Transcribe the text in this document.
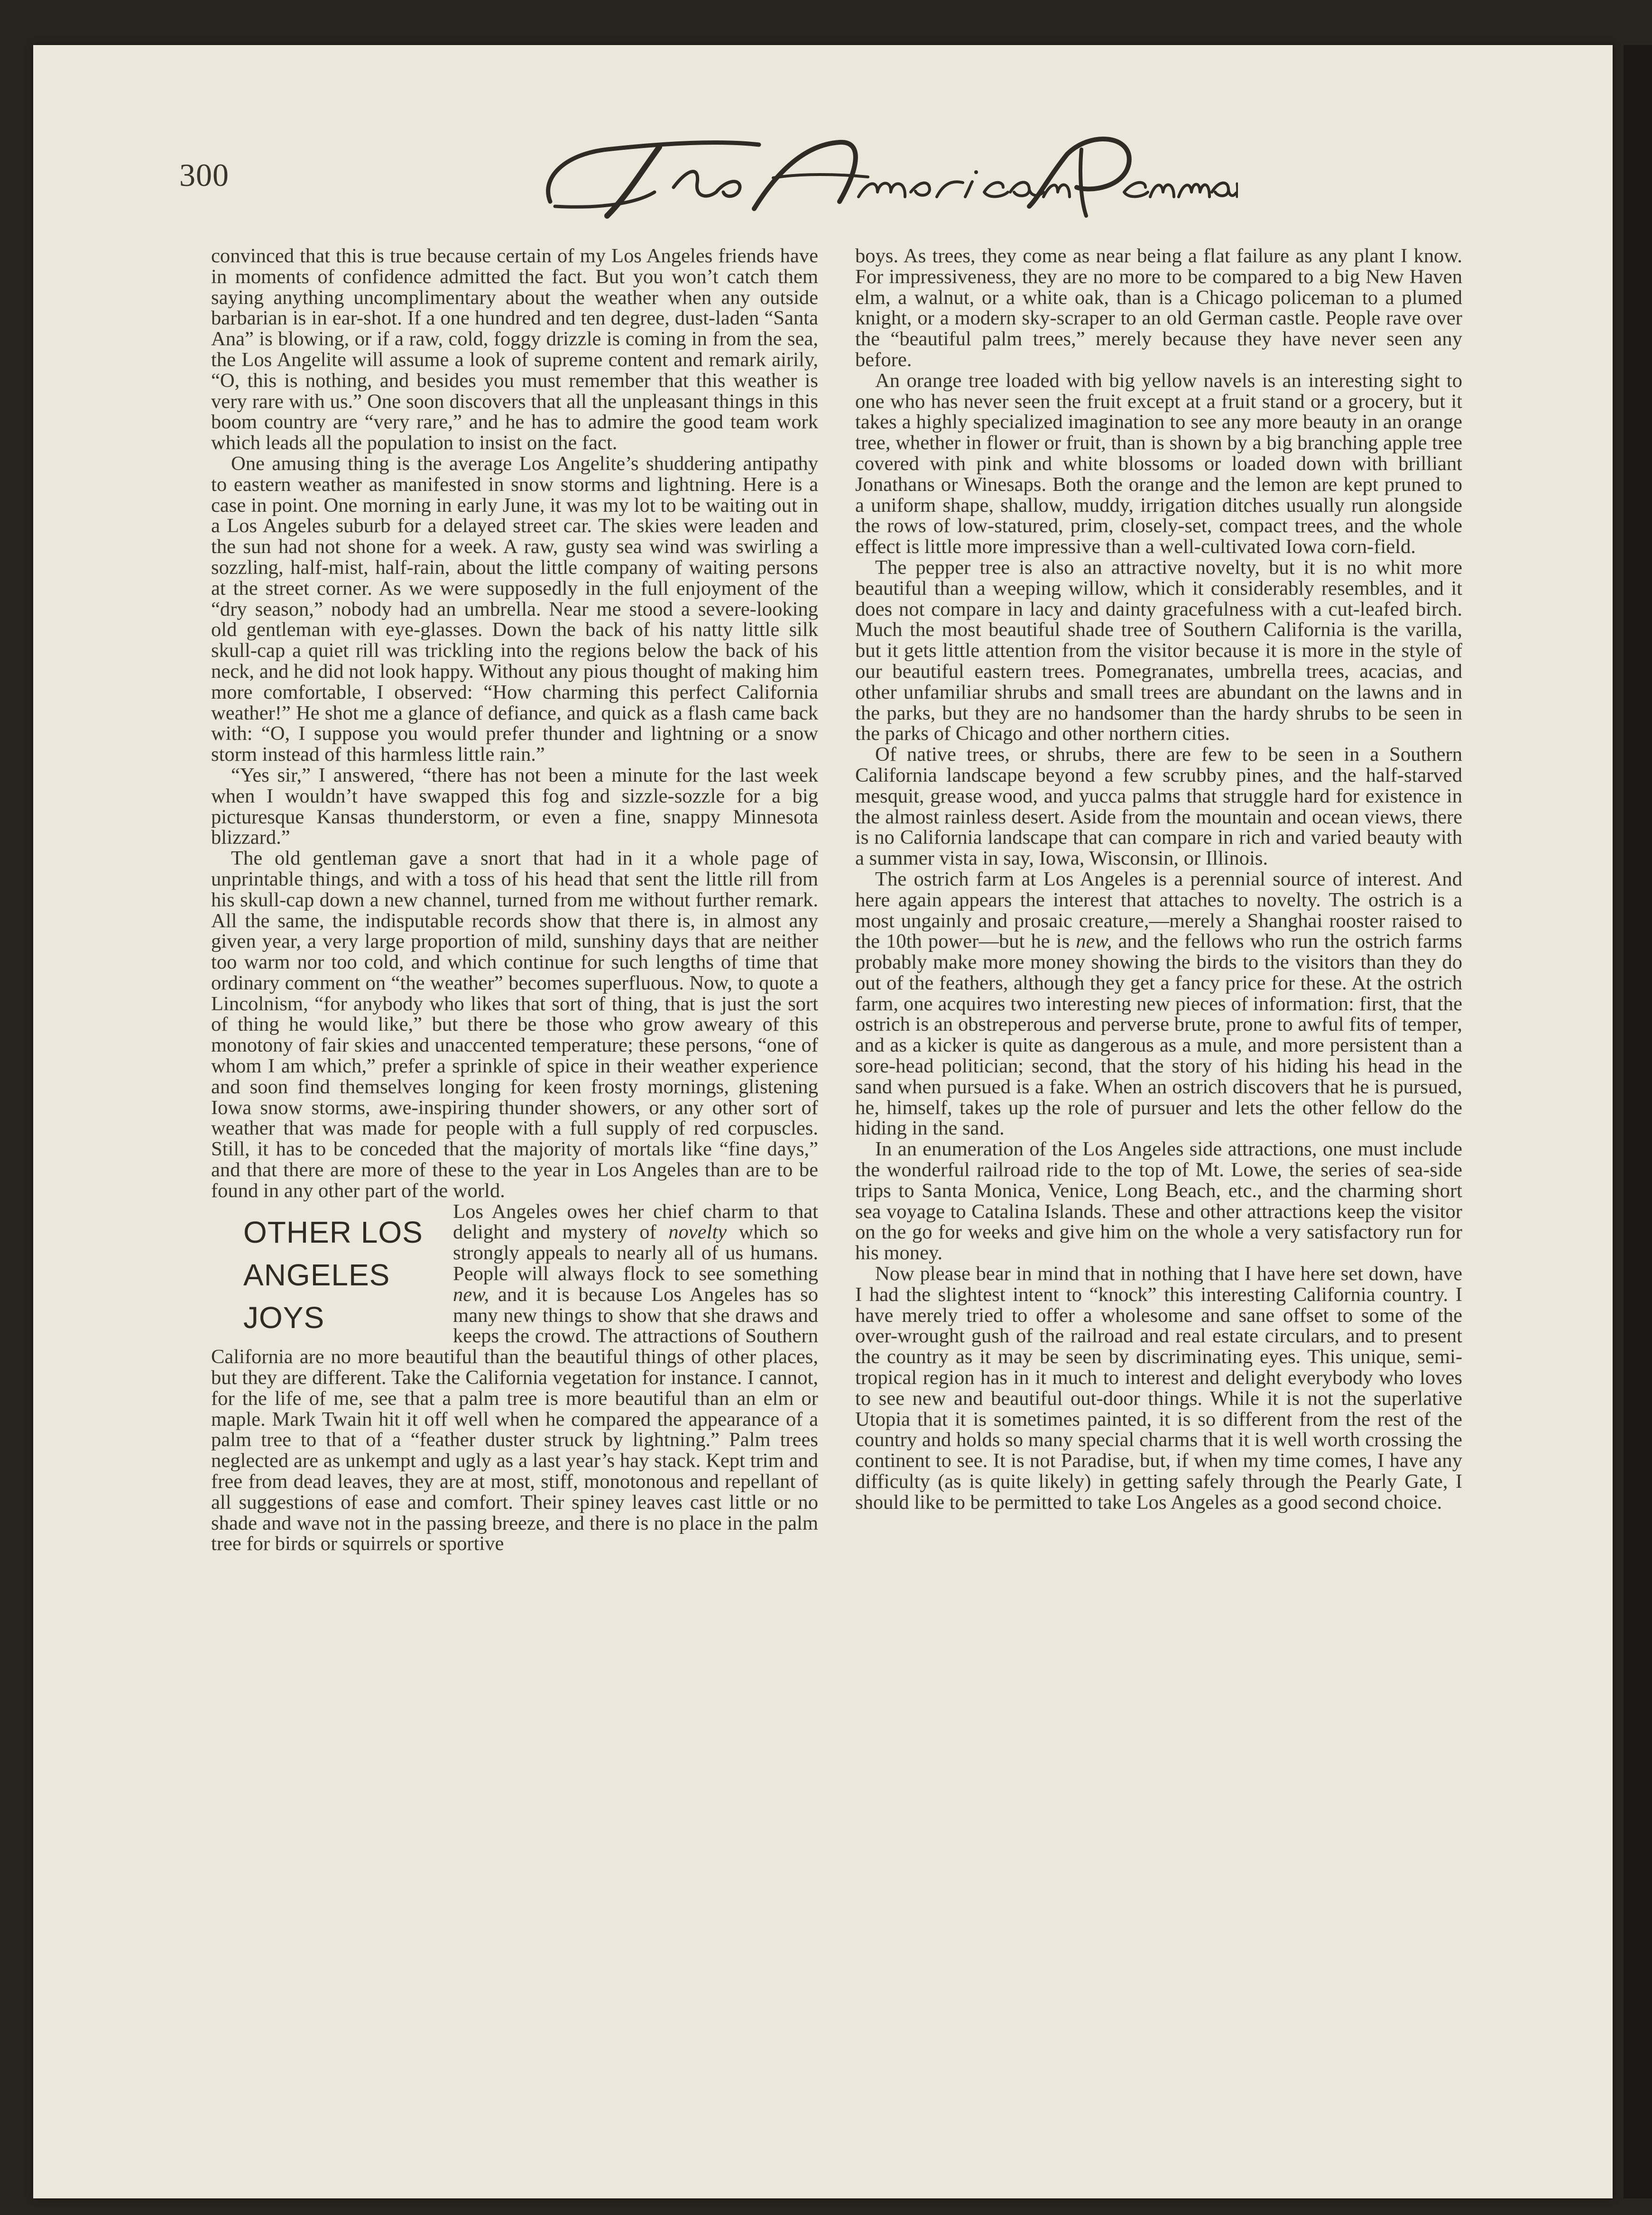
300

convinced that this is true because certain of my Los Angeles friends have in moments of confidence admitted the fact. But you won’t catch them saying anything uncomplimentary about the weather when any outside barbarian is in ear-shot. If a one hundred and ten degree, dust-laden “Santa Ana” is blowing, or if a raw, cold, foggy drizzle is coming in from the sea, the Los Angelite will assume a look of supreme content and remark airily, “O, this is nothing, and besides you must remember that this weather is very rare with us.” One soon discovers that all the unpleasant things in this boom country are “very rare,” and he has to admire the good team work which leads all the population to insist on the fact.

One amusing thing is the average Los Angelite’s shuddering antipathy to eastern weather as manifested in snow storms and lightning. Here is a case in point. One morning in early June, it was my lot to be waiting out in a Los Angeles suburb for a delayed street car. The skies were leaden and the sun had not shone for a week. A raw, gusty sea wind was swirling a sozzling, half-mist, half-rain, about the little company of waiting persons at the street corner. As we were supposedly in the full enjoyment of the “dry season,” nobody had an umbrella. Near me stood a severe-looking old gentleman with eye-glasses. Down the back of his natty little silk skull-cap a quiet rill was trickling into the regions below the back of his neck, and he did not look happy. Without any pious thought of making him more comfortable, I observed: “How charming this perfect California weather!” He shot me a glance of defiance, and quick as a flash came back with: “O, I suppose you would prefer thunder and lightning or a snow storm instead of this harmless little rain.”

“Yes sir,” I answered, “there has not been a minute for the last week when I wouldn’t have swapped this fog and sizzle-sozzle for a big picturesque Kansas thunderstorm, or even a fine, snappy Minnesota blizzard.”

The old gentleman gave a snort that had in it a whole page of unprintable things, and with a toss of his head that sent the little rill from his skull-cap down a new channel, turned from me without further remark. All the same, the indisputable records show that there is, in almost any given year, a very large proportion of mild, sunshiny days that are neither too warm nor too cold, and which continue for such lengths of time that ordinary comment on “the weather” becomes superfluous. Now, to quote a Lincolnism, “for anybody who likes that sort of thing, that is just the sort of thing he would like,” but there be those who grow aweary of this monotony of fair skies and unaccented temperature; these persons, “one of whom I am which,” prefer a sprinkle of spice in their weather experience and soon find themselves longing for keen frosty mornings, glistening Iowa snow storms, awe-inspiring thunder showers, or any other sort of weather that was made for people with a full supply of red corpuscles. Still, it has to be conceded that the majority of mortals like “fine days,” and that there are more of these to the year in Los Angeles than are to be found in any other part of the world.

OTHER LOS
ANGELES JOYS

Los Angeles owes her chief charm to that delight and mystery of novelty which so strongly appeals to nearly all of us humans. People will always flock to see something new, and it is because Los Angeles has so many new things to show that she draws and keeps the crowd. The attractions of Southern California are no more beautiful than the beautiful things of other places, but they are different. Take the California vegetation for instance. I cannot, for the life of me, see that a palm tree is more beautiful than an elm or maple. Mark Twain hit it off well when he compared the appearance of a palm tree to that of a “feather duster struck by lightning.” Palm trees neglected are as unkempt and ugly as a last year’s hay stack. Kept trim and free from dead leaves, they are at most, stiff, monotonous and repellant of all suggestions of ease and comfort. Their spiney leaves cast little or no shade and wave not in the passing breeze, and there is no place in the palm tree for birds or squirrels or sportive

boys. As trees, they come as near being a flat failure as any plant I know. For impressiveness, they are no more to be compared to a big New Haven elm, a walnut, or a white oak, than is a Chicago policeman to a plumed knight, or a modern sky-scraper to an old German castle. People rave over the “beautiful palm trees,” merely because they have never seen any before.

An orange tree loaded with big yellow navels is an interesting sight to one who has never seen the fruit except at a fruit stand or a grocery, but it takes a highly specialized imagination to see any more beauty in an orange tree, whether in flower or fruit, than is shown by a big branching apple tree covered with pink and white blossoms or loaded down with brilliant Jonathans or Winesaps. Both the orange and the lemon are kept pruned to a uniform shape, shallow, muddy, irrigation ditches usually run alongside the rows of low-statured, prim, closely-set, compact trees, and the whole effect is little more impressive than a well-cultivated Iowa corn-field.

The pepper tree is also an attractive novelty, but it is no whit more beautiful than a weeping willow, which it considerably resembles, and it does not compare in lacy and dainty gracefulness with a cut-leafed birch. Much the most beautiful shade tree of Southern California is the varilla, but it gets little attention from the visitor because it is more in the style of our beautiful eastern trees. Pomegranates, umbrella trees, acacias, and other unfamiliar shrubs and small trees are abundant on the lawns and in the parks, but they are no handsomer than the hardy shrubs to be seen in the parks of Chicago and other northern cities.

Of native trees, or shrubs, there are few to be seen in a Southern California landscape beyond a few scrubby pines, and the half-starved mesquit, grease wood, and yucca palms that struggle hard for existence in the almost rainless desert. Aside from the mountain and ocean views, there is no California landscape that can compare in rich and varied beauty with a summer vista in say, Iowa, Wisconsin, or Illinois.

The ostrich farm at Los Angeles is a perennial source of interest. And here again appears the interest that attaches to novelty. The ostrich is a most ungainly and prosaic creature,—merely a Shanghai rooster raised to the 10th power—but he is new, and the fellows who run the ostrich farms probably make more money showing the birds to the visitors than they do out of the feathers, although they get a fancy price for these. At the ostrich farm, one acquires two interesting new pieces of information: first, that the ostrich is an obstreperous and perverse brute, prone to awful fits of temper, and as a kicker is quite as dangerous as a mule, and more persistent than a sore-head politician; second, that the story of his hiding his head in the sand when pursued is a fake. When an ostrich discovers that he is pursued, he, himself, takes up the role of pursuer and lets the other fellow do the hiding in the sand.

In an enumeration of the Los Angeles side attractions, one must include the wonderful railroad ride to the top of Mt. Lowe, the series of sea-side trips to Santa Monica, Venice, Long Beach, etc., and the charming short sea voyage to Catalina Islands. These and other attractions keep the visitor on the go for weeks and give him on the whole a very satisfactory run for his money.

Now please bear in mind that in nothing that I have here set down, have I had the slightest intent to “knock” this interesting California country. I have merely tried to offer a wholesome and sane offset to some of the over-wrought gush of the railroad and real estate circulars, and to present the country as it may be seen by discriminating eyes. This unique, semi-tropical region has in it much to interest and delight everybody who loves to see new and beautiful out-door things. While it is not the superlative Utopia that it is sometimes painted, it is so different from the rest of the country and holds so many special charms that it is well worth crossing the continent to see. It is not Paradise, but, if when my time comes, I have any difficulty (as is quite likely) in getting safely through the Pearly Gate, I should like to be permitted to take Los Angeles as a good second choice.
